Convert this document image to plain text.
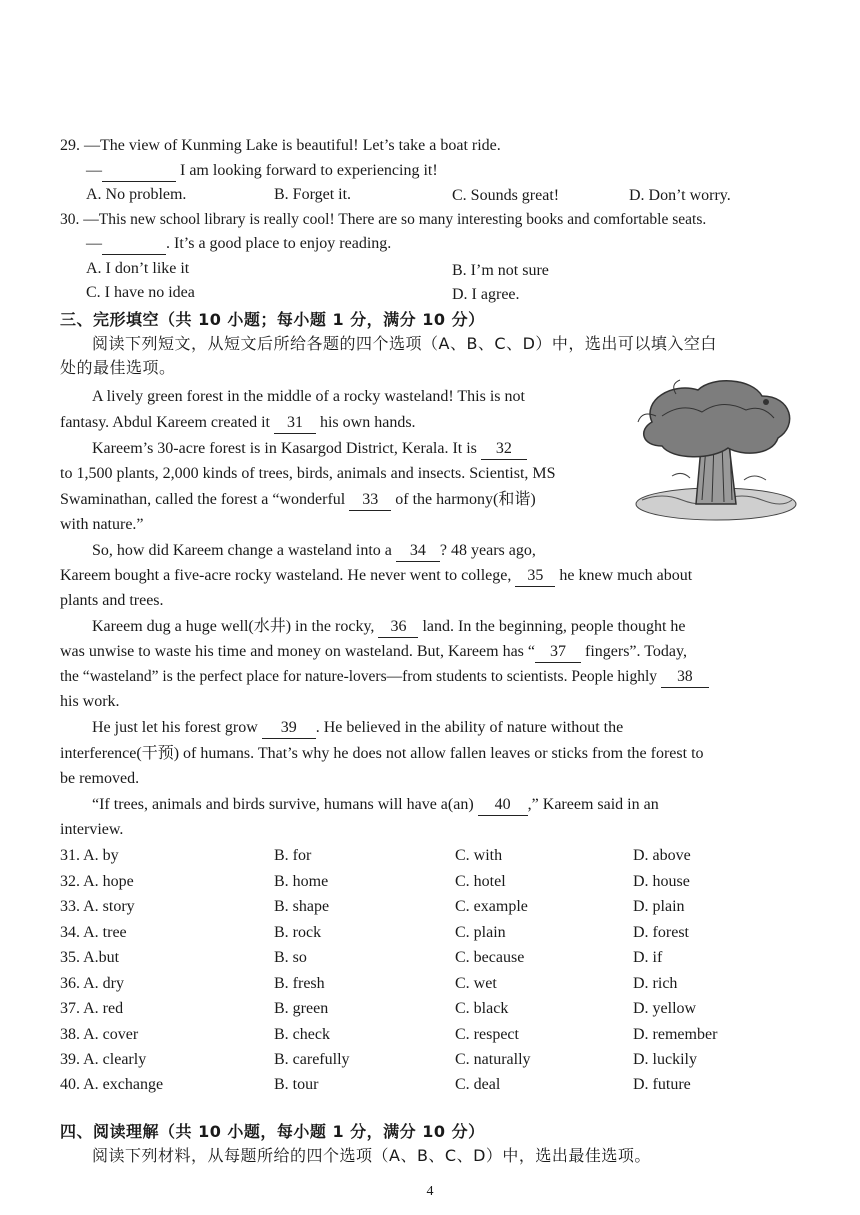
29. —The view of Kunming Lake is beautiful! Let’s take a boat ride.
—	I am looking forward to experiencing it!
A. No problem.	B. Forget it.	C. Sounds great!	D. Don’t worry.
30. —This new school library is really cool! There are so many interesting books and comfortable seats.
—	. It’s a good place to enjoy reading.
A. I don’t like it	B. I’m not sure
C. I have no idea	D. I agree.
三、完形填空（共 10 小题；每小题 1 分，满分 10 分）
阅读下列短文，从短文后所给各题的四个选项（A、B、C、D）中，选出可以填入空白
处的最佳选项。
A lively green forest in the middle of a rocky wasteland! This is not
fantasy. Abdul Kareem created it 31 his own hands.
Kareem’s 30-acre forest is in Kasargod District, Kerala. It is 32
to 1,500 plants, 2,000 kinds of trees, birds, animals and insects. Scientist, MS
Swaminathan, called the forest a “wonderful 33 of the harmony(和谐)
with nature.”
So, how did Kareem change a wasteland into a 34 ? 48 years ago,
Kareem bought a five-acre rocky wasteland. He never went to college, 35 he knew much about
plants and trees.
Kareem dug a huge well(水井) in the rocky, 36 land. In the beginning, people thought he
was unwise to waste his time and money on wasteland. But, Kareem has “ 37 fingers”. Today,
the “wasteland” is the perfect place for nature-lovers—from students to scientists. People highly 38
his work.
He just let his forest grow 39 . He believed in the ability of nature without the
interference(干预) of humans. That’s why he does not allow fallen leaves or sticks from the forest to
be removed.
“If trees, animals and birds survive, humans will have a(an) 40 ,” Kareem said in an
interview.
31. A. by	B. for	C. with	D. above
32. A. hope	B. home	C. hotel	D. house
33. A. story	B. shape	C. example	D. plain
34. A. tree	B. rock	C. plain	D. forest
35. A.but	B. so	C. because	D. if
36. A. dry	B. fresh	C. wet	D. rich
37. A. red	B. green	C. black	D. yellow
38. A. cover	B. check	C. respect	D. remember
39. A. clearly	B. carefully	C. naturally	D. luckily
40. A. exchange	B. tour	C. deal	D. future
四、阅读理解（共 10 小题，每小题 1 分，满分 10 分）
阅读下列材料，从每题所给的四个选项（A、B、C、D）中，选出最佳选项。
4
